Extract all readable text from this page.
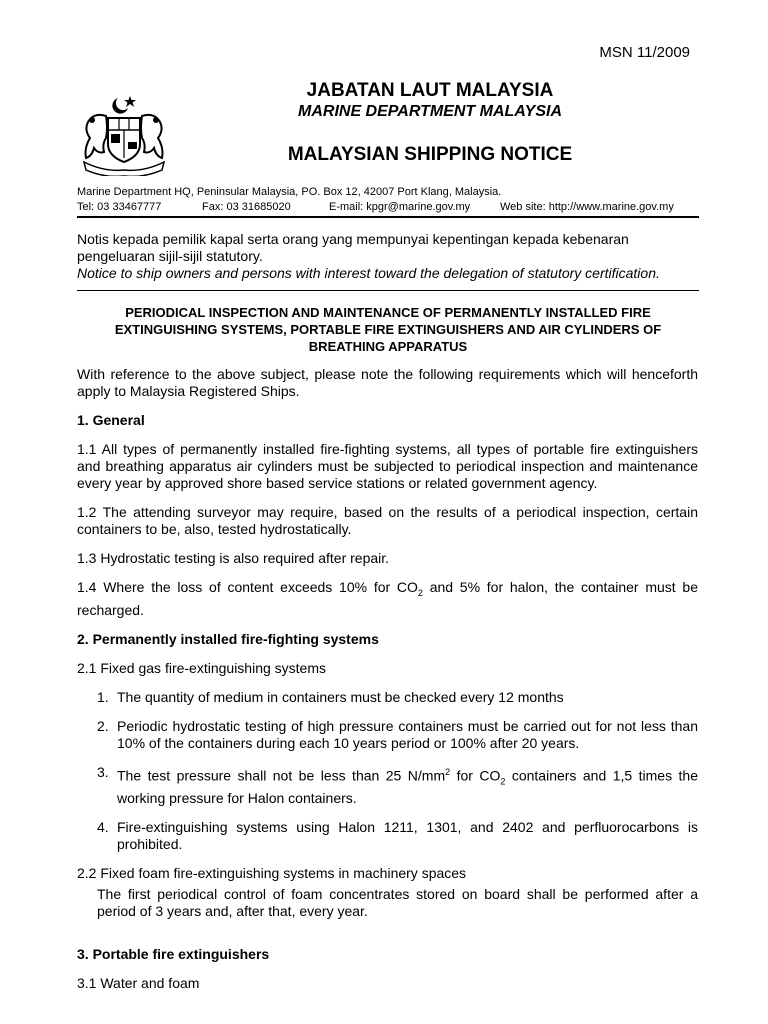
MSN 11/2009
JABATAN LAUT MALAYSIA
MARINE DEPARTMENT MALAYSIA
MALAYSIAN SHIPPING NOTICE
Marine Department HQ, Peninsular Malaysia, PO. Box 12, 42007 Port Klang, Malaysia.
Tel: 03 33467777	Fax: 03 31685020	E-mail: kpgr@marine.gov.my	Web site: http://www.marine.gov.my
Notis kepada pemilik kapal serta orang yang mempunyai kepentingan kepada kebenaran pengeluaran sijil-sijil statutory.
Notice to ship owners and persons with interest toward the delegation of statutory certification.
PERIODICAL INSPECTION AND MAINTENANCE OF PERMANENTLY INSTALLED FIRE EXTINGUISHING SYSTEMS, PORTABLE FIRE EXTINGUISHERS AND AIR CYLINDERS OF BREATHING APPARATUS
With reference to the above subject, please note the following requirements which will henceforth apply to Malaysia Registered Ships.
1. General
1.1 All types of permanently installed fire-fighting systems, all types of portable fire extinguishers and breathing apparatus air cylinders must be subjected to periodical inspection and maintenance every year by approved shore based service stations or related government agency.
1.2 The attending surveyor may require, based on the results of a periodical inspection, certain containers to be, also, tested hydrostatically.
1.3 Hydrostatic testing is also required after repair.
1.4 Where the loss of content exceeds 10% for $CO_2$ and 5% for halon, the container must be recharged.
2. Permanently installed fire-fighting systems
2.1 Fixed gas fire-extinguishing systems
1. The quantity of medium in containers must be checked every 12 months
2. Periodic hydrostatic testing of high pressure containers must be carried out for not less than 10% of the containers during each 10 years period or 100% after 20 years.
3. The test pressure shall not be less than 25 $N/mm^2$ for $CO_2$ containers and 1,5 times the working pressure for Halon containers.
4. Fire-extinguishing systems using Halon 1211, 1301, and 2402 and perfluorocarbons is prohibited.
2.2 Fixed foam fire-extinguishing systems in machinery spaces
The first periodical control of foam concentrates stored on board shall be performed after a period of 3 years and, after that, every year.
3. Portable fire extinguishers
3.1 Water and foam
